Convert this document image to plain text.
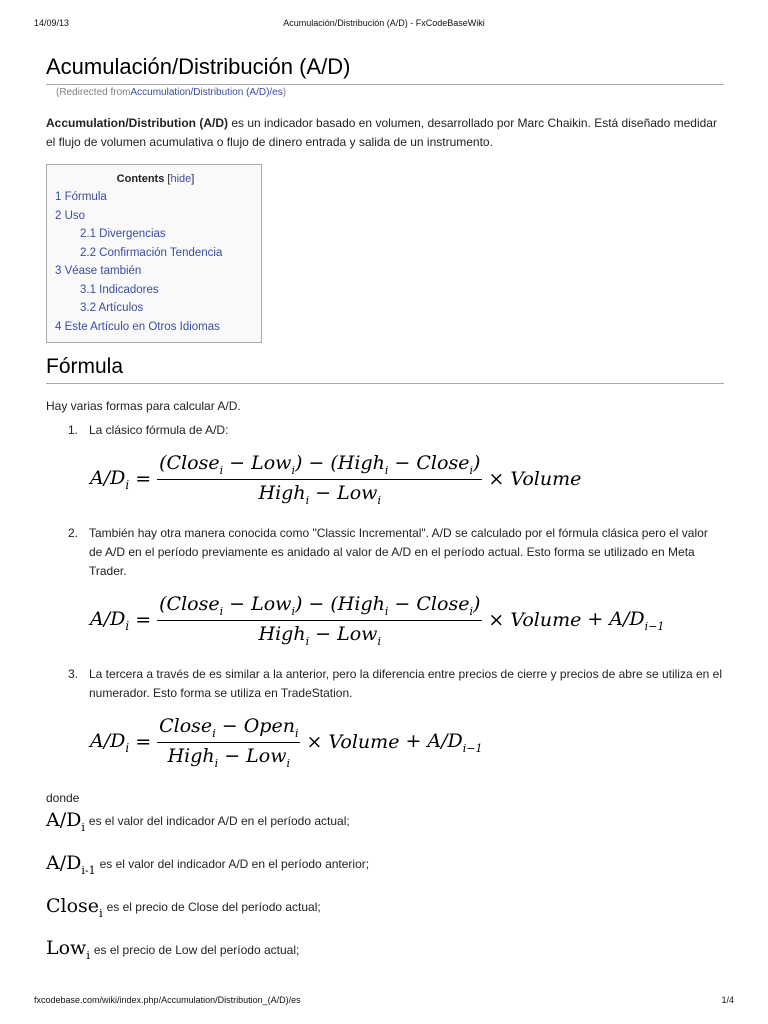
14/09/13	Acumulación/Distribución (A/D) - FxCodeBaseWiki
Acumulación/Distribución (A/D)
(Redirected fromAccumulation/Distribution (A/D)/es)

Accumulation/Distribution (A/D) es un indicador basado en volumen, desarrollado por Marc Chaikin. Está diseñado medidar el flujo de volumen acumulativa o flujo de dinero entrada y salida de un instrumento.

Contents [hide]
1 Fórmula
2 Uso
2.1 Divergencias
2.2 Confirmación Tendencia
3 Véase también
3.1 Indicadores
3.2 Artículos
4 Este Artículo en Otros Idiomas
Fórmula

Hay varias formas para calcular A/D.

1. La clásico fórmula de A/D:
$A/D_i = \frac{(Close_i - Low_i) - (High_i - Close_i)}{High_i - Low_i}$ × Volume
2. También hay otra manera conocida como "Classic Incremental". A/D se calculado por el fórmula clásica pero el valor de A/D en el período previamente es anidado al valor de A/D en el período actual. Esto forma se utilizado en Meta Trader.
$A/D_i = \frac{(Close_i - Low_i) - (High_i - Close_i)}{High_i - Low_i}$ × Volume + $A/D_{i-1}$
3. La tercera a través de es similar a la anterior, pero la diferencia entre precios de cierre y precios de abre se utiliza en el numerador. Esto forma se utiliza en TradeStation.
$A/D_i = \frac{Close_i - Open_i}{High_i - Low_i}$ × Volume + $A/D_{i-1}$
donde
$A/D_i$ es el valor del indicador A/D en el período actual;
$A/D_{i-1}$ es el valor del indicador A/D en el período anterior;
Close$_i$ es el precio de Close del período actual;
Low$_i$ es el precio de Low del período actual;
fxcodebase.com/wiki/index.php/Accumulation/Distribution_(A/D)/es	1/4
